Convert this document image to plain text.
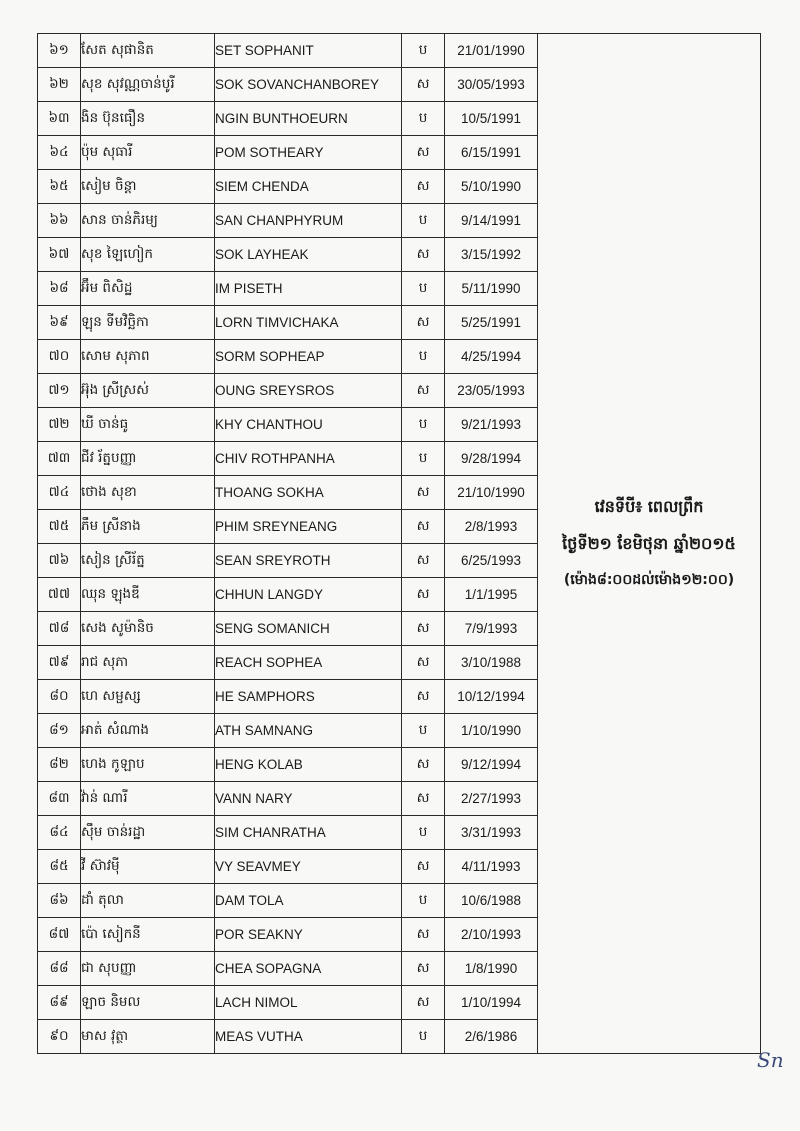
៦១	សែត សុផានិត	SET SOPHANIT	ប	21/01/1990	វេនទីបី៖ ពេលព្រឹក
ថ្ងៃទី២១ ខែមិថុនា ឆ្នាំ២០១៥
(ម៉ោង៨:០០ដល់ម៉ោង១២:០០)

៦២	សុខ សុវណ្ណចាន់បូរី	SOK SOVANCHANBOREY	ស	30/05/1993	
៦៣	ងិន ប៊ុនធឿន	NGIN BUNTHOEURN	ប	10/5/1991	
៦៤	ប៉ុម សុធារី	POM SOTHEARY	ស	6/15/1991	
៦៥	សៀម ចិន្តា	SIEM CHENDA	ស	5/10/1990	
៦៦	សាន ចាន់ភិរម្យ	SAN CHANPHYRUM	ប	9/14/1991	
៦៧	សុខ ឡៃហៀក	SOK LAYHEAK	ស	3/15/1992	
៦៨	អ៊ឹម ពិសិដ្ឋ	IM PISETH	ប	5/11/1990	
៦៩	ឡុន ទីមវិច្ឆិកា	LORN TIMVICHAKA	ស	5/25/1991	
៧០	សោម សុភាព	SORM SOPHEAP	ប	4/25/1994	
៧១	អ៊ុង ស្រីស្រស់	OUNG SREYSROS	ស	23/05/1993	
៧២	ឃី ចាន់ធូ	KHY CHANTHOU	ប	9/21/1993	
៧៣	ជីវ រ័ត្នបញ្ញា	CHIV ROTHPANHA	ប	9/28/1994	
៧៤	ថោង សុខា	THOANG SOKHA	ស	21/10/1990	
៧៥	ភឹម ស្រីនាង	PHIM SREYNEANG	ស	2/8/1993	
៧៦	សៀន ស្រីរ័ត្ន	SEAN SREYROTH	ស	6/25/1993	
៧៧	ឈុន ឡុងឌី	CHHUN LANGDY	ស	1/1/1995	
៧៨	សេង សូម៉ានិច	SENG SOMANICH	ស	7/9/1993	
៧៩	រាជ សុភា	REACH SOPHEA	ស	3/10/1988	
៨០	ហេ សម្ផស្ស	HE SAMPHORS	ស	10/12/1994	
៨១	អាត់ សំណាង	ATH SAMNANG	ប	1/10/1990	
៨២	ហេង កូឡាប	HENG KOLAB	ស	9/12/1994	
៨៣	វ៉ាន់ ណារី	VANN NARY	ស	2/27/1993	
៨៤	ស៊ឹម ចាន់រដ្ឋា	SIM CHANRATHA	ប	3/31/1993	
៨៥	វី ស៊ាវម៉ី	VY SEAVMEY	ស	4/11/1993	
៨៦	ដាំ តុលា	DAM TOLA	ប	10/6/1988	
៨៧	ប៉ោ សៀកនី	POR SEAKNY	ស	2/10/1993	
៨៨	ជា សុបញ្ញា	CHEA SOPAGNA	ស	1/8/1990	
៨៩	ឡាច និមល	LACH NIMOL	ស	1/10/1994	
៩០	មាស វុត្ថា	MEAS VUTHA	ប	2/6/1986	
Sn
